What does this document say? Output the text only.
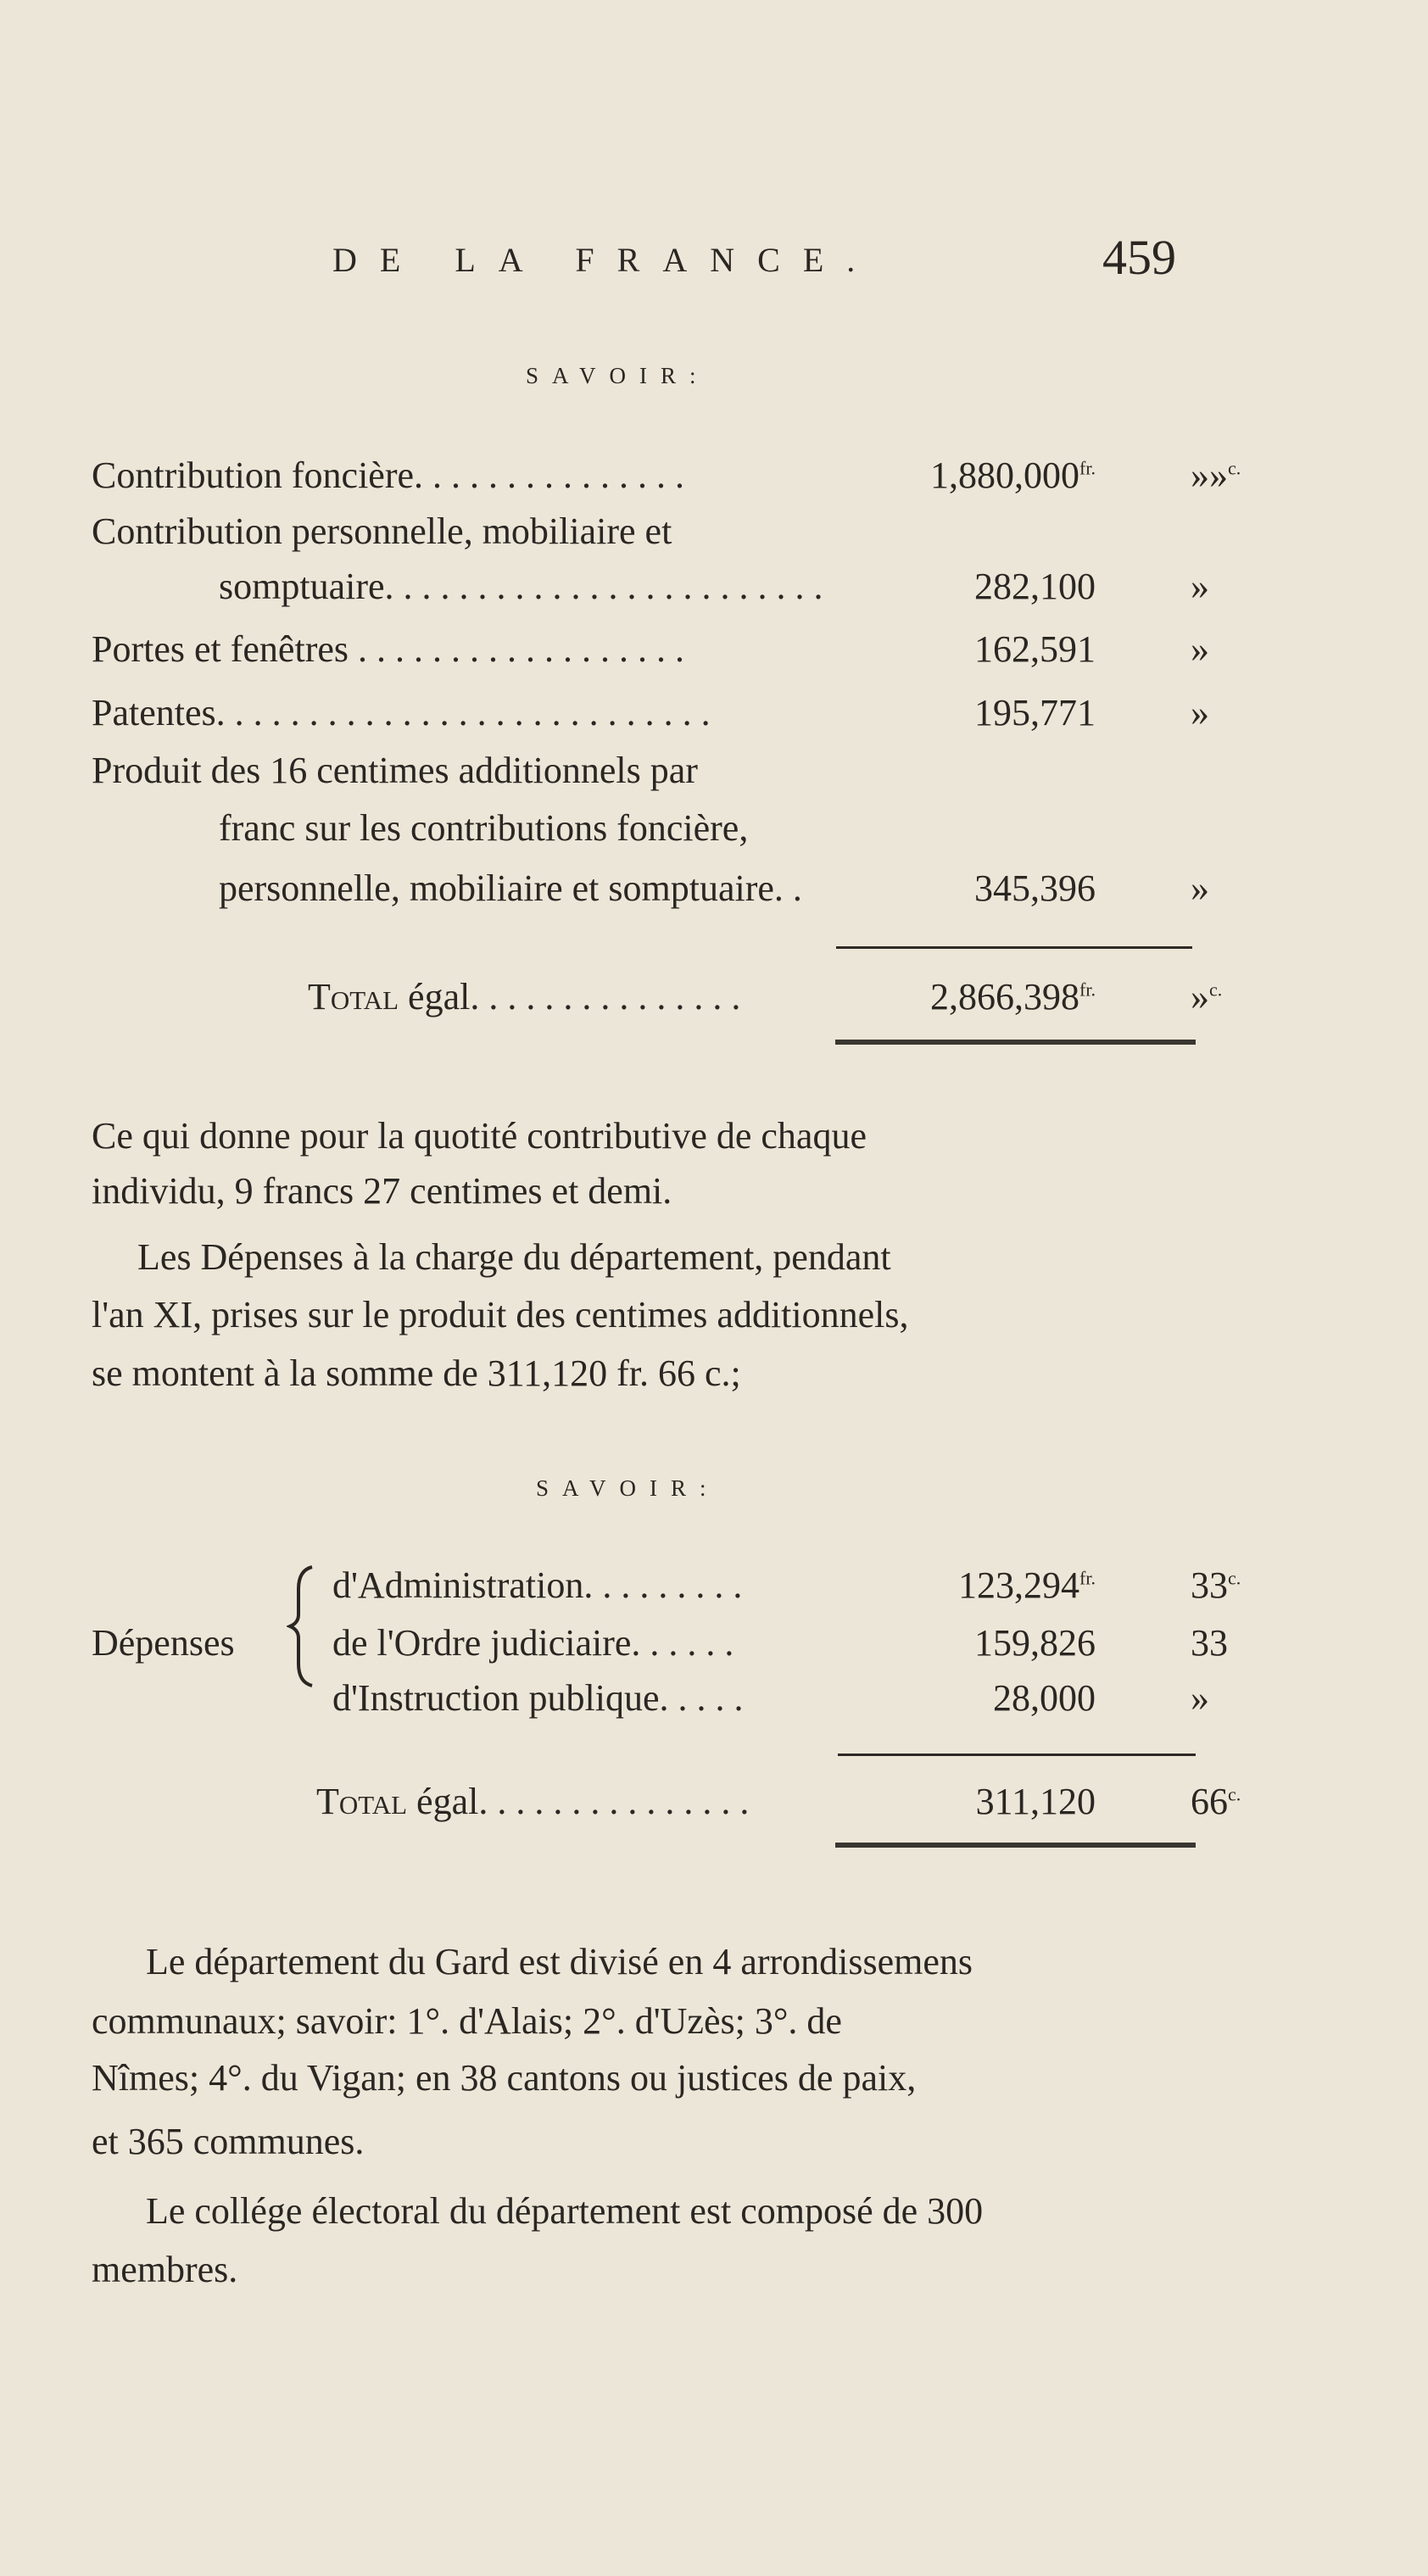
DE LA FRANCE.	459
SAVOIR:
Contribution foncière. . . . . . . . . . . . . . .	$1,880,000^{fr.}$	»»$^{c.}$
Contribution personnelle, mobiliaire et
somptuaire. . . . . . . . . . . . . . . . . . . . . . . .	282,100	»
Portes et fenêtres . . . . . . . . . . . . . . . . . .	162,591	»
Patentes. . . . . . . . . . . . . . . . . . . . . . . . . . .	195,771	»
Produit des 16 centimes additionnels par
franc sur les contributions foncière,
personnelle, mobiliaire et somptuaire. .	345,396	»
Total égal. . . . . . . . . . . . . . .	$2,866,398^{fr.}$	»$^{c.}$
Ce qui donne pour la quotité contributive de chaque
individu, 9 francs 27 centimes et demi.
Les Dépenses à la charge du département, pendant
l'an XI, prises sur le produit des centimes additionnels,
se montent à la somme de 311,120 fr. 66 c.;
SAVOIR:
Dépenses
d'Administration. . . . . . . . .	$123,294^{fr.}$	$33^{c.}$
de l'Ordre judiciaire. . . . . .	159,826	33
d'Instruction publique. . . . .	28,000	»
Total égal. . . . . . . . . . . . . . .	311,120	$66^{c.}$
Le département du Gard est divisé en 4 arrondissemens
communaux; savoir: 1°. d'Alais; 2°. d'Uzès; 3°. de
Nîmes; 4°. du Vigan; en 38 cantons ou justices de paix,
et 365 communes.
Le collége électoral du département est composé de 300
membres.
